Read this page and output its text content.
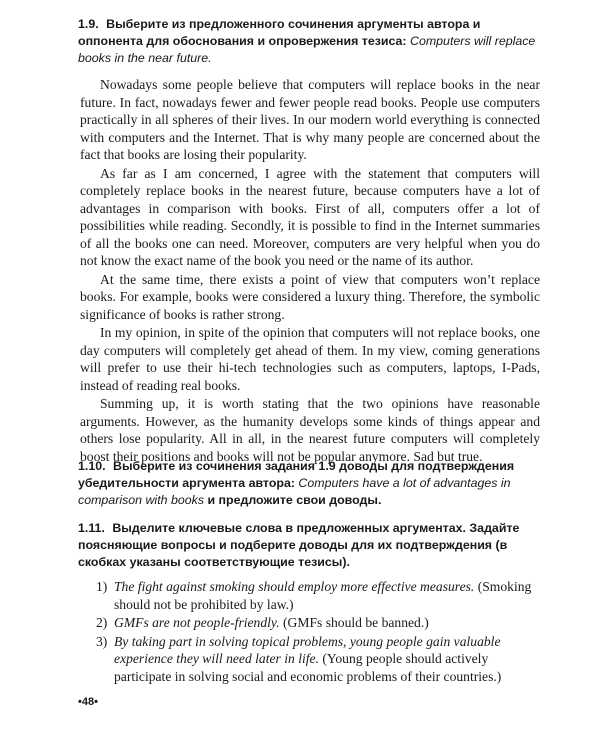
1.9. Выберите из предложенного сочинения аргументы автора и оппонента для обоснования и опровержения тезиса: Computers will replace books in the near future.

Nowadays some people believe that computers will replace books in the near future. In fact, nowadays fewer and fewer people read books. People use computers practically in all spheres of their lives. In our modern world everything is connected with computers and the Internet. That is why many people are concerned about the fact that books are losing their popularity.

As far as I am concerned, I agree with the statement that computers will completely replace books in the nearest future, because computers have a lot of advantages in comparison with books. First of all, computers offer a lot of possibilities while reading. Secondly, it is possible to find in the Internet summaries of all the books one can need. Moreover, computers are very helpful when you do not know the exact name of the book you need or the name of its author.

At the same time, there exists a point of view that computers won’t replace books. For example, books were considered a luxury thing. Therefore, the symbolic significance of books is rather strong.

In my opinion, in spite of the opinion that computers will not replace books, one day computers will completely get ahead of them. In my view, coming generations will prefer to use their hi-tech technologies such as computers, laptops, I-Pads, instead of reading real books.

Summing up, it is worth stating that the two opinions have reasonable arguments. However, as the humanity develops some kinds of things appear and others lose popularity. All in all, in the nearest future computers will completely boost their positions and books will not be popular anymore. Sad but true.

1.10. Выберите из сочинения задания 1.9 доводы для подтверждения убедительности аргумента автора: Computers have a lot of advantages in comparison with books и предложите свои доводы.
1.11. Выделите ключевые слова в предложенных аргументах. Задайте поясняющие вопросы и подберите доводы для их подтверждения (в скобках указаны соответствующие тезисы).
1) The fight against smoking should employ more effective measures. (Smoking should not be prohibited by law.)
2) GMFs are not people-friendly. (GMFs should be banned.)
3) By taking part in solving topical problems, young people gain valuable experience they will need later in life. (Young people should actively participate in solving social and economic problems of their countries.)
•48•
